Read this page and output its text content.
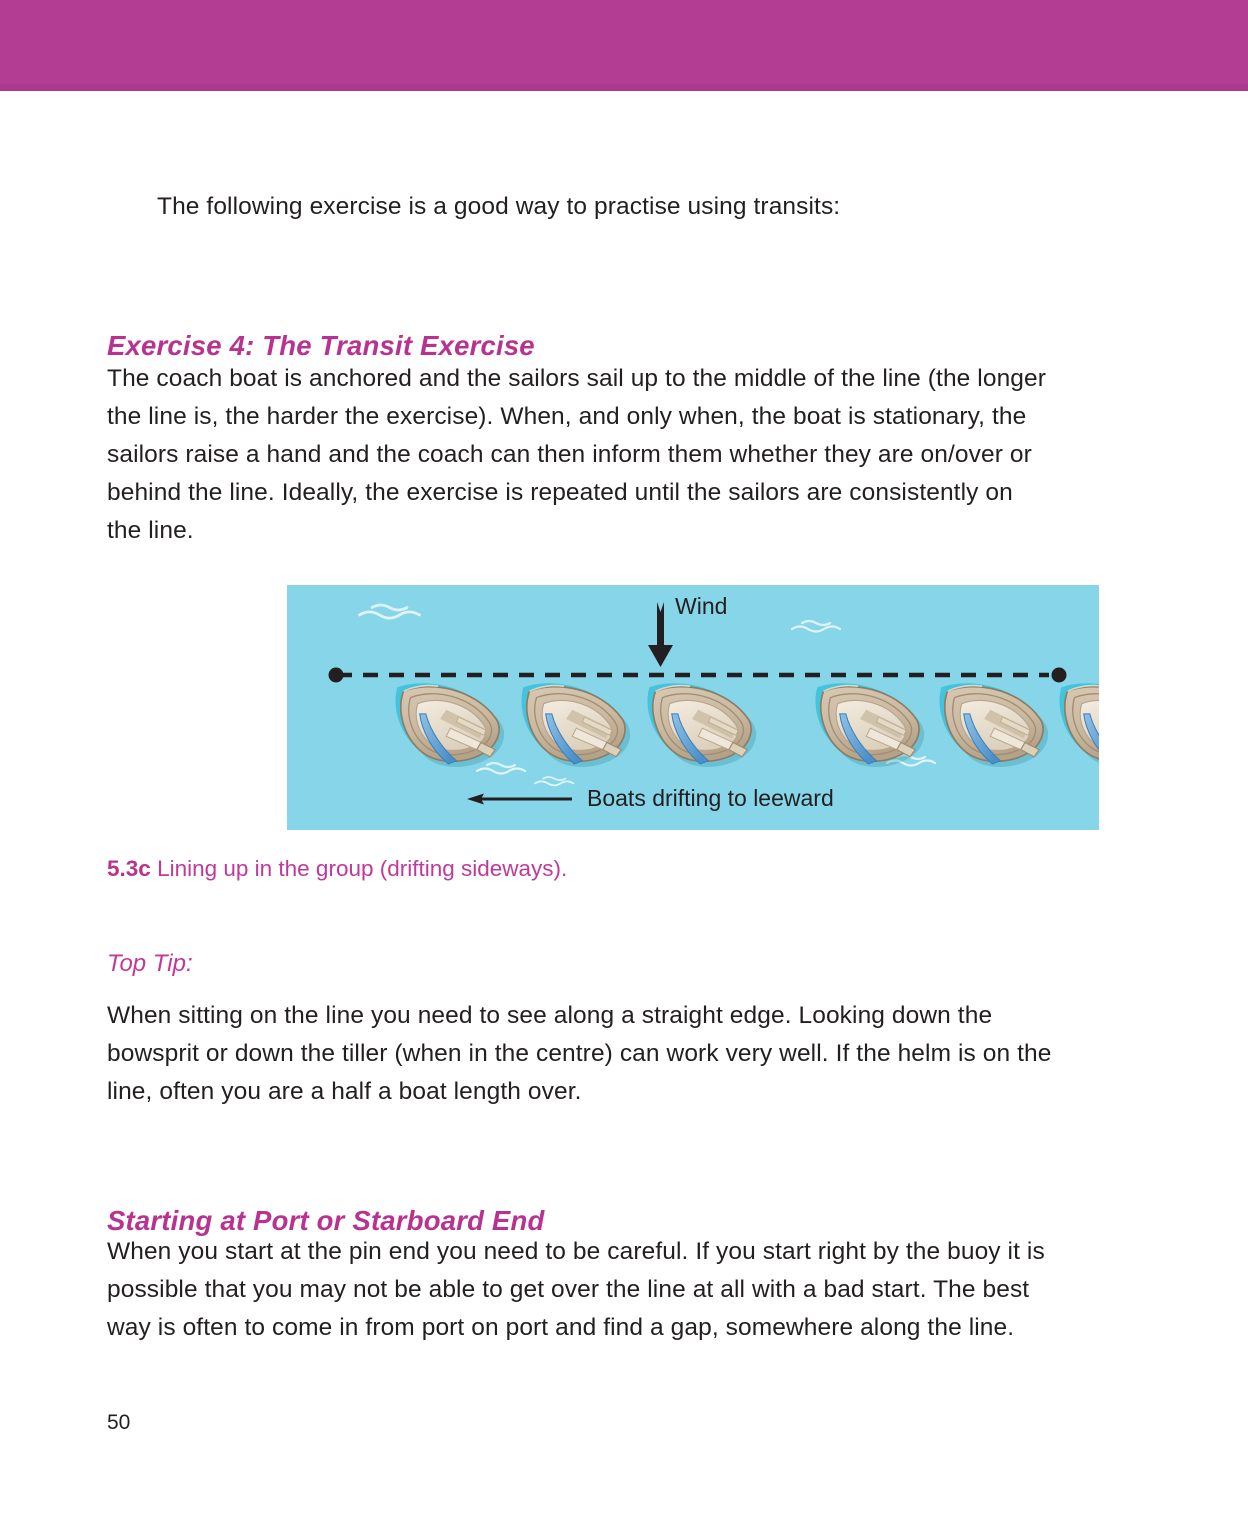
The following exercise is a good way to practise using transits:

Exercise 4: The Transit Exercise

The coach boat is anchored and the sailors sail up to the middle of the line (the longer the line is, the harder the exercise). When, and only when, the boat is stationary, the sailors raise a hand and the coach can then inform them whether they are on/over or behind the line. Ideally, the exercise is repeated until the sailors are consistently on the line.

Wind
Boats drifting to leeward
5.3c Lining up in the group (drifting sideways).
Top Tip:

When sitting on the line you need to see along a straight edge. Looking down the bowsprit or down the tiller (when in the centre) can work very well. If the helm is on the line, often you are a half a boat length over.

Starting at Port or Starboard End

When you start at the pin end you need to be careful. If you start right by the buoy it is possible that you may not be able to get over the line at all with a bad start. The best way is often to come in from port on port and find a gap, somewhere along the line.

50
